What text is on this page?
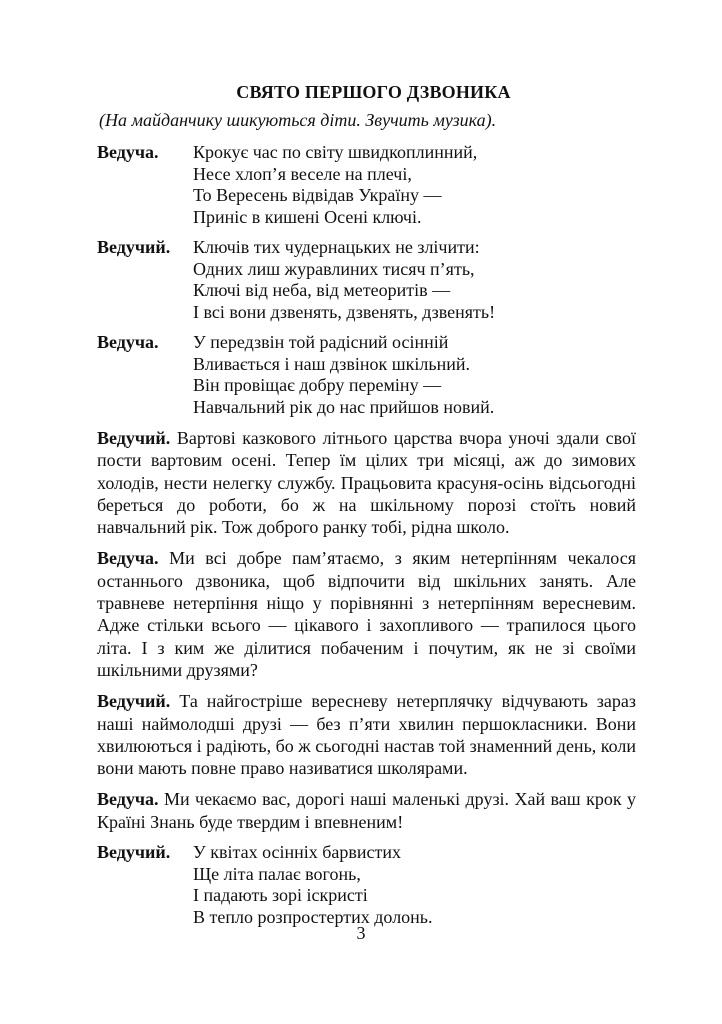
СВЯТО ПЕРШОГО ДЗВОНИКА
(На майданчику шикуються діти. Звучить музика).
Ведуча.	Крокує час по світу швидкоплинний,
Несе хлоп’я веселе на плечі,
То Вересень відвідав Україну —
Приніс в кишені Осені ключі.
Ведучий.	Ключів тих чудернацьких не злічити:
Одних лиш журавлиних тисяч п’ять,
Ключі від неба, від метеоритів —
І всі вони дзвенять, дзвенять, дзвенять!
Ведуча.	У передзвін той радісний осінній
Вливається і наш дзвінок шкільний.
Він провіщає добру переміну —
Навчальний рік до нас прийшов новий.

Ведучий. Вартові казкового літнього царства вчора уночі здали свої пости вартовим осені. Тепер їм цілих три місяці, аж до зимових холодів, нести нелегку службу. Працьовита красуня-осінь відсьогодні береться до роботи, бо ж на шкільному порозі стоїть новий навчальний рік. Тож доброго ранку тобі, рідна школо.

Ведуча. Ми всі добре пам’ятаємо, з яким нетерпінням чекалося останнього дзвоника, щоб відпочити від шкільних занять. Але травневе нетерпіння ніщо у порівнянні з нетерпінням вересневим. Адже стільки всього — цікавого і захопливого — трапилося цього літа. І з ким же ділитися побаченим і почутим, як не зі своїми шкільними друзями?

Ведучий. Та найгостріше вересневу нетерплячку відчувають зараз наші наймолодші друзі — без п’яти хвилин першокласники. Вони хвилюються і радіють, бо ж сьогодні настав той знаменний день, коли вони мають повне право називатися школярами.

Ведуча. Ми чекаємо вас, дорогі наші маленькі друзі. Хай ваш крок у Країні Знань буде твердим і впевненим!

Ведучий.	У квітах осінніх барвистих
Ще літа палає вогонь,
І падають зорі іскристі
В тепло розпростертих долонь.
3
